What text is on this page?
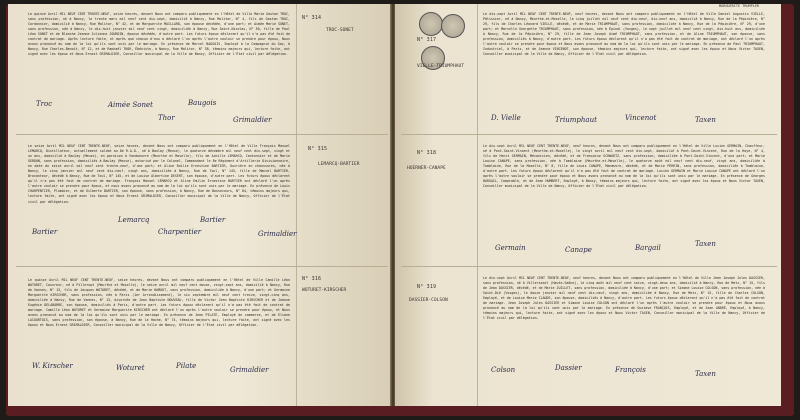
Le quinze Avril MIL NEUF CENT TRENTE-NEUF, seize heures, devant Nous ont comparu publiquement en l'Hôtel de Ville Marie Gaston TROC, sans profession, né à Nancy, le trente mars mil neuf cent dix-sept, domicilié à Nancy, Rue Molitor, N° 4, fils de Gaston TROC, Cordonnier, domicilié à Nancy, Rue Molitor, N° 42, et de Marguerite MAILLARD, son épouse décédée, d'une part; et Aimée Marie SONET, sans profession, née à Nancy, le dix-huit janvier mil neuf cent vingt, domiciliée à Nancy, Rue Saint-Nicolas, N° 50, fille de Paul Léon SONET et de Blanche Jeanne Julienne JOURDIN, épouse décédée, d'autre part. Les futurs époux déclarent qu'il n'a pas été fait de contrat de mariage. Après lecture faite, et après que chacun d'eux a déclaré l'un après l'autre vouloir se prendre pour époux, Nous avons prononcé au nom de la loi qu'ils sont unis par le mariage. En présence de Marcel BAUGOIS, Employé à la Compagnie du Gaz, à Nancy, Rue Charles-Benoît, N° 12, et de Raphaël THOR, Ébéniste, à Nancy, Rue Molitor, N° 38, témoins majeurs qui, lecture faite, ont signé avec les époux et Nous Ernest GRIMALDIER, Conseiller municipal de la Ville de Nancy, Officier de l'État civil par délégation.
N° 314
TROC-SONET
Troc	Aimée Sonet	Baugois
Thor	Grimaldier
Le seize Avril MIL NEUF CENT TRENTE-NEUF, seize heures, devant Nous ont comparu publiquement en l'Hôtel de Ville François Manuel LEMARCQ, Distillateur, actuellement soldat au 8e R.A.D., né à Baulay (Meuse), le quatorze décembre mil neuf cent dix-sept, vingt et un ans, domicilié à Baulay (Meuse), en garnison à Vandoeuvre (Meurthe et Moselle), fils de Achille LEMARCQ, Cantonnier et de Marie GERDON, sans profession, domiciliés à Baulay (Meuse), autorisé par le Colonel, Commandant le 8e Régiment d'Artillerie Divisionnaire, en date du seize avril mil neuf cent trente-neuf, d'une part; et Aline Emilie Ernestine BARTIER, Ouvrière en chaussures, née à Nancy, le cinq janvier mil neuf cent dix-neuf, vingt ans, domiciliée à Nancy, Rue de Toul, N° 145, fille de Mancel BARTIER, Brocanteur, décédé à Nancy, Rue de Toul, N° 145, et de Louise Albertine DESERT, son épouse, d'autre part. Les futurs époux déclarent qu'il n'a pas été fait de contrat de mariage. François Manuel LEMARCQ et Aline Emilie Ernestine BARTIER ont déclaré l'un après l'autre vouloir se prendre pour époux, et nous avons prononcé au nom de la loi qu'ils sont unis par le mariage. En présence de Louis CHARPENTIER, Plombier, et de Gilberte BARTIER, son épouse, sans profession, à Nancy, Rue de Bonsecours, N° 84, témoins majeurs qui, lecture faite, ont signé avec les époux et Nous Ernest GRIMALDIER, Conseiller municipal de la Ville de Nancy, Officier de l'État civil par délégation.
N° 315
LEMARCQ-BARTIER
Bartier
Lemarcq
Charpentier
Bartier
Grimaldier
Le quinze Avril MIL NEUF CENT TRENTE-NEUF, seize heures, devant Nous ont comparu publiquement en l'Hôtel de Ville Camille Léon WOTURET, Couvreur, né à Pillerupt (Meurthe et Moselle), le seize avril mil neuf cent douze, vingt-sept ans, domicilié à Nancy, Rue de Vannes, N° 13, fils de Jacques WOTURET, décédé, et de Marie HAMOUT, sans profession, domiciliée à Nancy, d'une part; et Germaine Marguerite KIRSCHER, sans profession, née à Paris (1er Arrondissement), le six septembre mil neuf cent treize, vingt-cinq ans, domiciliée à Nancy, Rue de Vannes, N° 13, divorcée de Jean Baptiste NOUVEAU, fille de Victor Jean Baptiste KIRSCHER et de Jeanne Eugénie DELABARRE, son épouse, domiciliés à Paris, d'autre part. Les futurs époux déclarent qu'il n'a pas été fait de contrat de mariage. Camille Léon WOTURET et Germaine Marguerite KIRSCHER ont déclaré l'un après l'autre vouloir se prendre pour époux, et Nous avons prononcé au nom de la loi qu'ils sont unis par le mariage. En présence de Jean PILATE, Employé de commerce, et de Eliane LACOURTOIS, sans profession, son épouse, à Nancy, Rue de la Hache, N° 74, témoins majeurs qui, lecture faite, ont signé avec les époux et Nous Ernest GRIMALDIER, Conseiller municipal de la Ville de Nancy, Officier de l'État civil par délégation.
N° 316
WOTURET-KIRSCHER
W. Kirscher	Woturet	Pilate	Grimaldier
MARGUERITE TRUMPLER
N° 317
VIELLE-TRIUMPHAUT
Le dix-sept Avril MIL NEUF CENT TRENTE-NEUF, neuf heures, devant Nous ont comparu publiquement en l'Hôtel de Ville Daniel Augustin VIELLE, Pâtissier, né à Nancy, Meurthe-et-Moselle, le cinq juillet mil neuf cent dix-neuf, dix-neuf ans, domicilié à Nancy, Rue de la Pépinière, N° 29, fils de Charles Léonard VIELLE, décédé, et de Marie TRIUMPHAUT, sans profession, domiciliée à Nancy, Rue de la Pépinière, N° 29, d'une part; et Marcelle Georgette TRIUMPHAUT, sans profession, née à Épinal (Vosges), le sept juillet mil neuf cent vingt, dix-huit ans, domiciliée à Nancy, Rue de la Pépinière, N° 29, fille de Jean Joseph Aimé TRIUMPHAUT, sans profession, et de Aline TRIUMPHAUT, son épouse, sans profession, domiciliés à Nancy, d'autre part. Les futurs époux déclarent qu'il n'a pas été fait de contrat de mariage, ont déclaré l'un après l'autre vouloir se prendre pour époux et Nous avons prononcé au nom de la loi qu'ils sont unis par le mariage. En présence de Paul TRIUMPHAUT, Industriel, à Paris, et de Jeanne VINCENOT, son épouse, témoins majeurs qui, lecture faite, ont signé avec les époux et Nous Victor TAXEN, Conseiller municipal de la Ville de Nancy, Officier de l'État civil par délégation.
D. Vielle	Triumphaut	Vincenot	Taxen
N° 318
HOERNER-CANAPE
Le dix-sept Avril MIL NEUF CENT TRENTE-NEUF, neuf heures, devant Nous ont comparu publiquement en l'Hôtel de Ville Lucien GERMAIN, Chauffeur, né à Pont-Saint-Vincent (Meurthe-et-Moselle), le vingt avril mil neuf cent dix-sept, domicilié à Pont-Saint-Vincent, Rue de la Haye, N° 4, fils de Henri GERMAIN, Mécanicien, décédé, et de Françoise SCHWARTZ, sans profession, domiciliée à Pont-Saint-Vincent, d'une part; et Marie Louise CANAPE, sans profession, née à Tomblaine (Meurthe-et-Moselle), le quatorze août mil neuf cent dix-neuf, vingt ans, domiciliée à Tomblaine, Rue de la Moselle, N° 8, fille de Louis CANAPE, Manœuvre, décédé, et de Marie PERRIN, sans profession, domiciliée à Tomblaine, d'autre part. Les futurs époux déclarent qu'il n'a pas été fait de contrat de mariage. Lucien GERMAIN et Marie Louise CANAPE ont déclaré l'un après l'autre vouloir se prendre pour époux et Nous avons prononcé au nom de la loi qu'ils sont unis par le mariage. En présence de Georges BARGAIL, Comptable, et de Jean HUMBERT, Employé, à Nancy, témoins majeurs qui, lecture faite, ont signé avec les époux et Nous Victor TAXEN, Conseiller municipal de la Ville de Nancy, Officier de l'État civil par délégation.
Germain	Canape	Bargail	Taxen
N° 319
DASSIER-COLSON
Le dix-sept Avril MIL NEUF CENT TRENTE-NEUF, neuf heures, devant Nous ont comparu publiquement en l'Hôtel de Ville Jean Joseph Jules DASSIER, sans profession, né à Villersexel (Haute-Saône), le cinq août mil neuf cent seize, vingt-deux ans, domicilié à Nancy, Rue de Metz, N° 15, fils de Jean DASSIER, décédé, et de Marie JUILLET, sans profession, domiciliée à Nancy, d'une part; et Simone Louise COLSON, sans profession, née à Saint-Dié (Vosges), le douze janvier mil neuf cent dix-neuf, vingt ans, domiciliée à Nancy, Rue de Metz, N° 15, fille de Charles COLSON, Employé, et de Louise Marie CLAUDE, son épouse, domiciliés à Nancy, d'autre part. Les futurs époux déclarent qu'il n'a pas été fait de contrat de mariage. Jean Joseph Jules DASSIER et Simone Louise COLSON ont déclaré l'un après l'autre vouloir se prendre pour époux et Nous avons prononcé au nom de la loi qu'ils sont unis par le mariage. En présence de Gustave FRANÇOIS, Employé, et de Jean ANDRÉ, Employé, à Nancy, témoins majeurs qui, lecture faite, ont signé avec les époux et Nous Victor TAXEN, Conseiller municipal de la Ville de Nancy, Officier de l'État civil par délégation.
Colson	Dassier	François	Taxen
